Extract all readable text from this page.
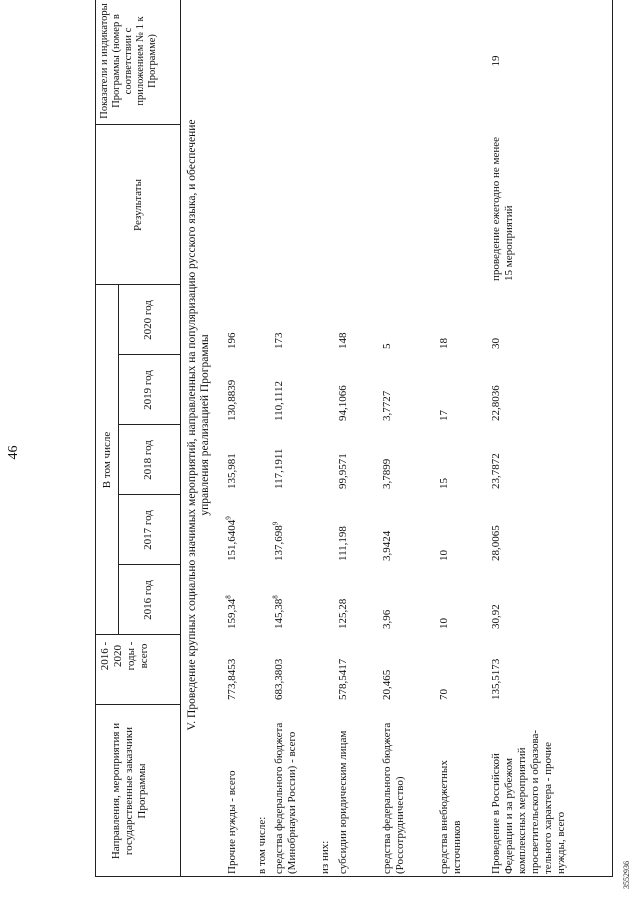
46
Направления, мероприятия и государственные заказчики Программы
2016 - 2020 годы - всего
В том числе
2016 год
2017 год
2018 год
2019 год
2020 год
Результаты
Показатели и индикаторы Программы (номер в соответствии с приложением № 1 к Программе)
V. Проведение крупных социально значимых мероприятий, направленных на популяризацию русского языка, и обеспечение управления реализацией Программы
Прочие нужды - всего в том числе: средства федерального бюджета (Минобрнауки России) - всего из них: субсидии юридическим лицам	средства федерального бюджета (Россотрудничество)	средства внебюджетных источников Проведение в Российской Федерации и за рубежом комплексных мероприятий просветительского и образова-тельного характера - прочие нужды, всего
773,8453
159,34$^8$
151,6404$^9$
135,981
130,8839
196
683,3803
145,38$^8$
137,698$^9$
117,1911
110,1112
173
578,5417
125,28
111,198
99,9571
94,1066
148
20,465
3,96
3,9424
3,7899
3,7727
5
70
10
10
15
17
18
135,5173
30,92
28,0065
23,7872
22,8036
30
проведение ежегодно не менее 15 мероприятий
19
3552936
